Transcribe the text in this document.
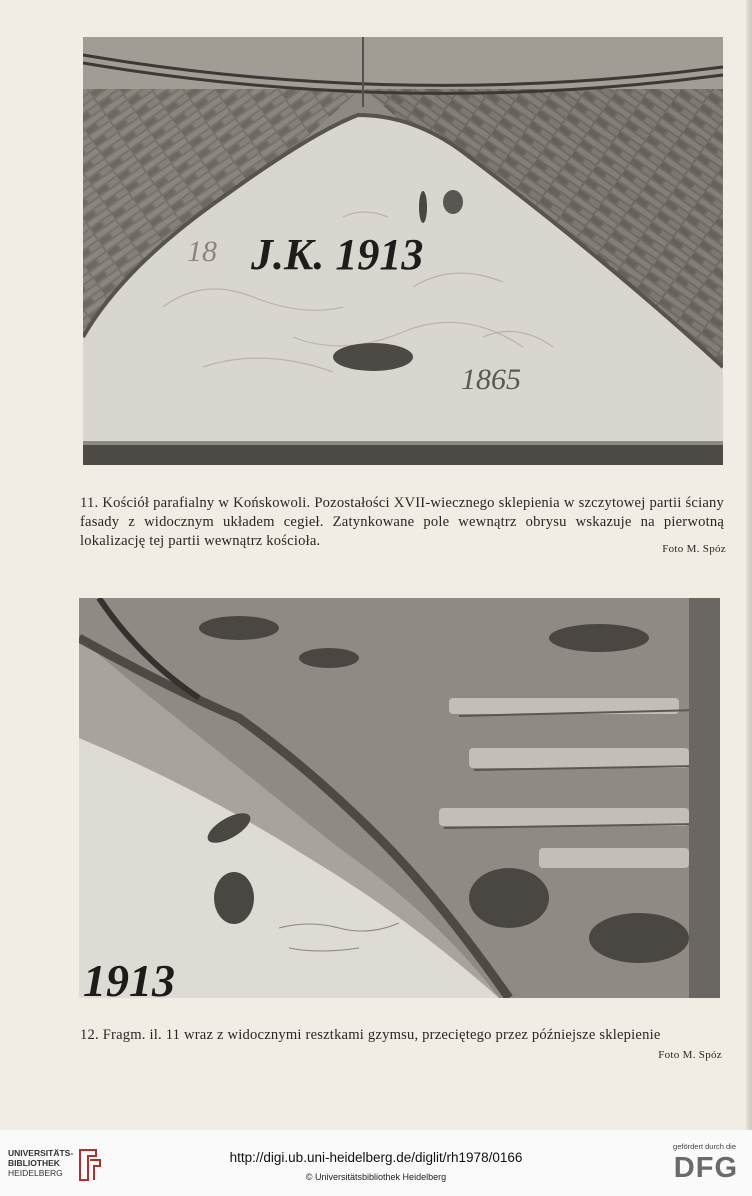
J.K. 1913
18
1865

11. Kościół parafialny w Końskowoli. Pozostałości XVII-wiecznego sklepienia w szczytowej partii ściany fasady z widocznym układem cegieł. Zatynkowane pole wewnątrz obrysu wskazuje na pierwotną lokalizację tej partii wewnątrz kościoła.

Foto M. Spóz
1913

12. Fragm. il. 11 wraz z widocznymi resztkami gzymsu, przeciętego przez późniejsze sklepienie

Foto M. Spóz
UNIVERSITÄTS-
BIBLIOTHEK
HEIDELBERG
http://digi.ub.uni-heidelberg.de/diglit/rh1978/0166
© Universitätsbibliothek Heidelberg
gefördert durch die
DFG
